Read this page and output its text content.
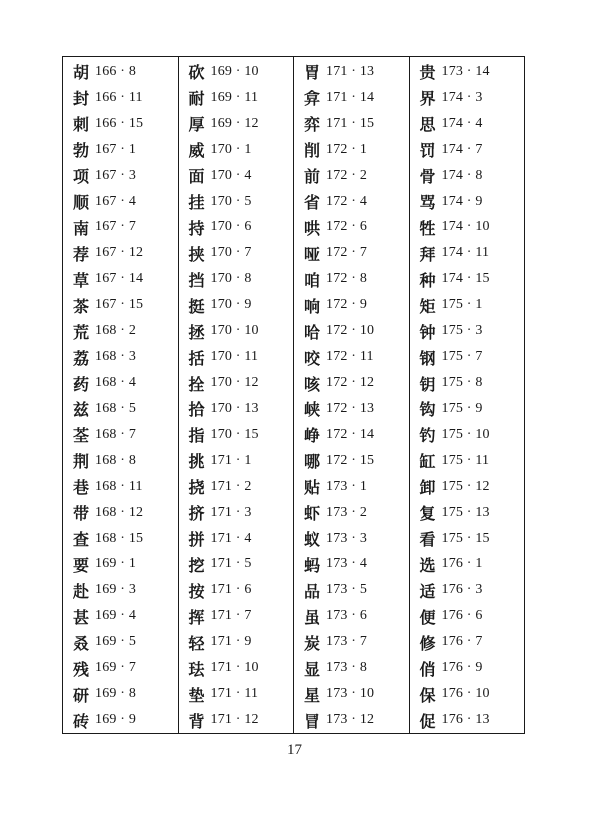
胡 166 · 8
封 166 · 11
刺 166 · 15
勃 167 · 1
项 167 · 3
顺 167 · 4
南 167 · 7
荐 167 · 12
草 167 · 14
茶 167 · 15
荒 168 · 2
荔 168 · 3
药 168 · 4
兹 168 · 5
荃 168 · 7
荆 168 · 8
巷 168 · 11
带 168 · 12
查 168 · 15
要 169 · 1
赴 169 · 3
甚 169 · 4
叒 169 · 5
残 169 · 7
研 169 · 8
砖 169 · 9
砍 169 · 10
耐 169 · 11
厚 169 · 12
威 170 · 1
面 170 · 4
挂 170 · 5
持 170 · 6
挟 170 · 7
挡 170 · 8
挺 170 · 9
拯 170 · 10
括 170 · 11
拴 170 · 12
拾 170 · 13
指 170 · 15
挑 171 · 1
挠 171 · 2
挤 171 · 3
拼 171 · 4
挖 171 · 5
按 171 · 6
挥 171 · 7
轻 171 · 9
珐 171 · 10
垫 171 · 11
背 171 · 12
胃 171 · 13
弇 171 · 14
弈 171 · 15
削 172 · 1
前 172 · 2
省 172 · 4
哄 172 · 6
哑 172 · 7
咱 172 · 8
响 172 · 9
哈 172 · 10
咬 172 · 11
咳 172 · 12
峡 172 · 13
峥 172 · 14
哪 172 · 15
贴 173 · 1
虾 173 · 2
蚁 173 · 3
蚂 173 · 4
品 173 · 5
虽 173 · 6
炭 173 · 7
显 173 · 8
星 173 · 10
冒 173 · 12
贵 173 · 14
界 174 · 3
思 174 · 4
罚 174 · 7
骨 174 · 8
骂 174 · 9
牲 174 · 10
拜 174 · 11
种 174 · 15
矩 175 · 1
钟 175 · 3
钢 175 · 7
钥 175 · 8
钩 175 · 9
钓 175 · 10
缸 175 · 11
卸 175 · 12
复 175 · 13
看 175 · 15
选 176 · 1
适 176 · 3
便 176 · 6
修 176 · 7
俏 176 · 9
保 176 · 10
促 176 · 13
17
